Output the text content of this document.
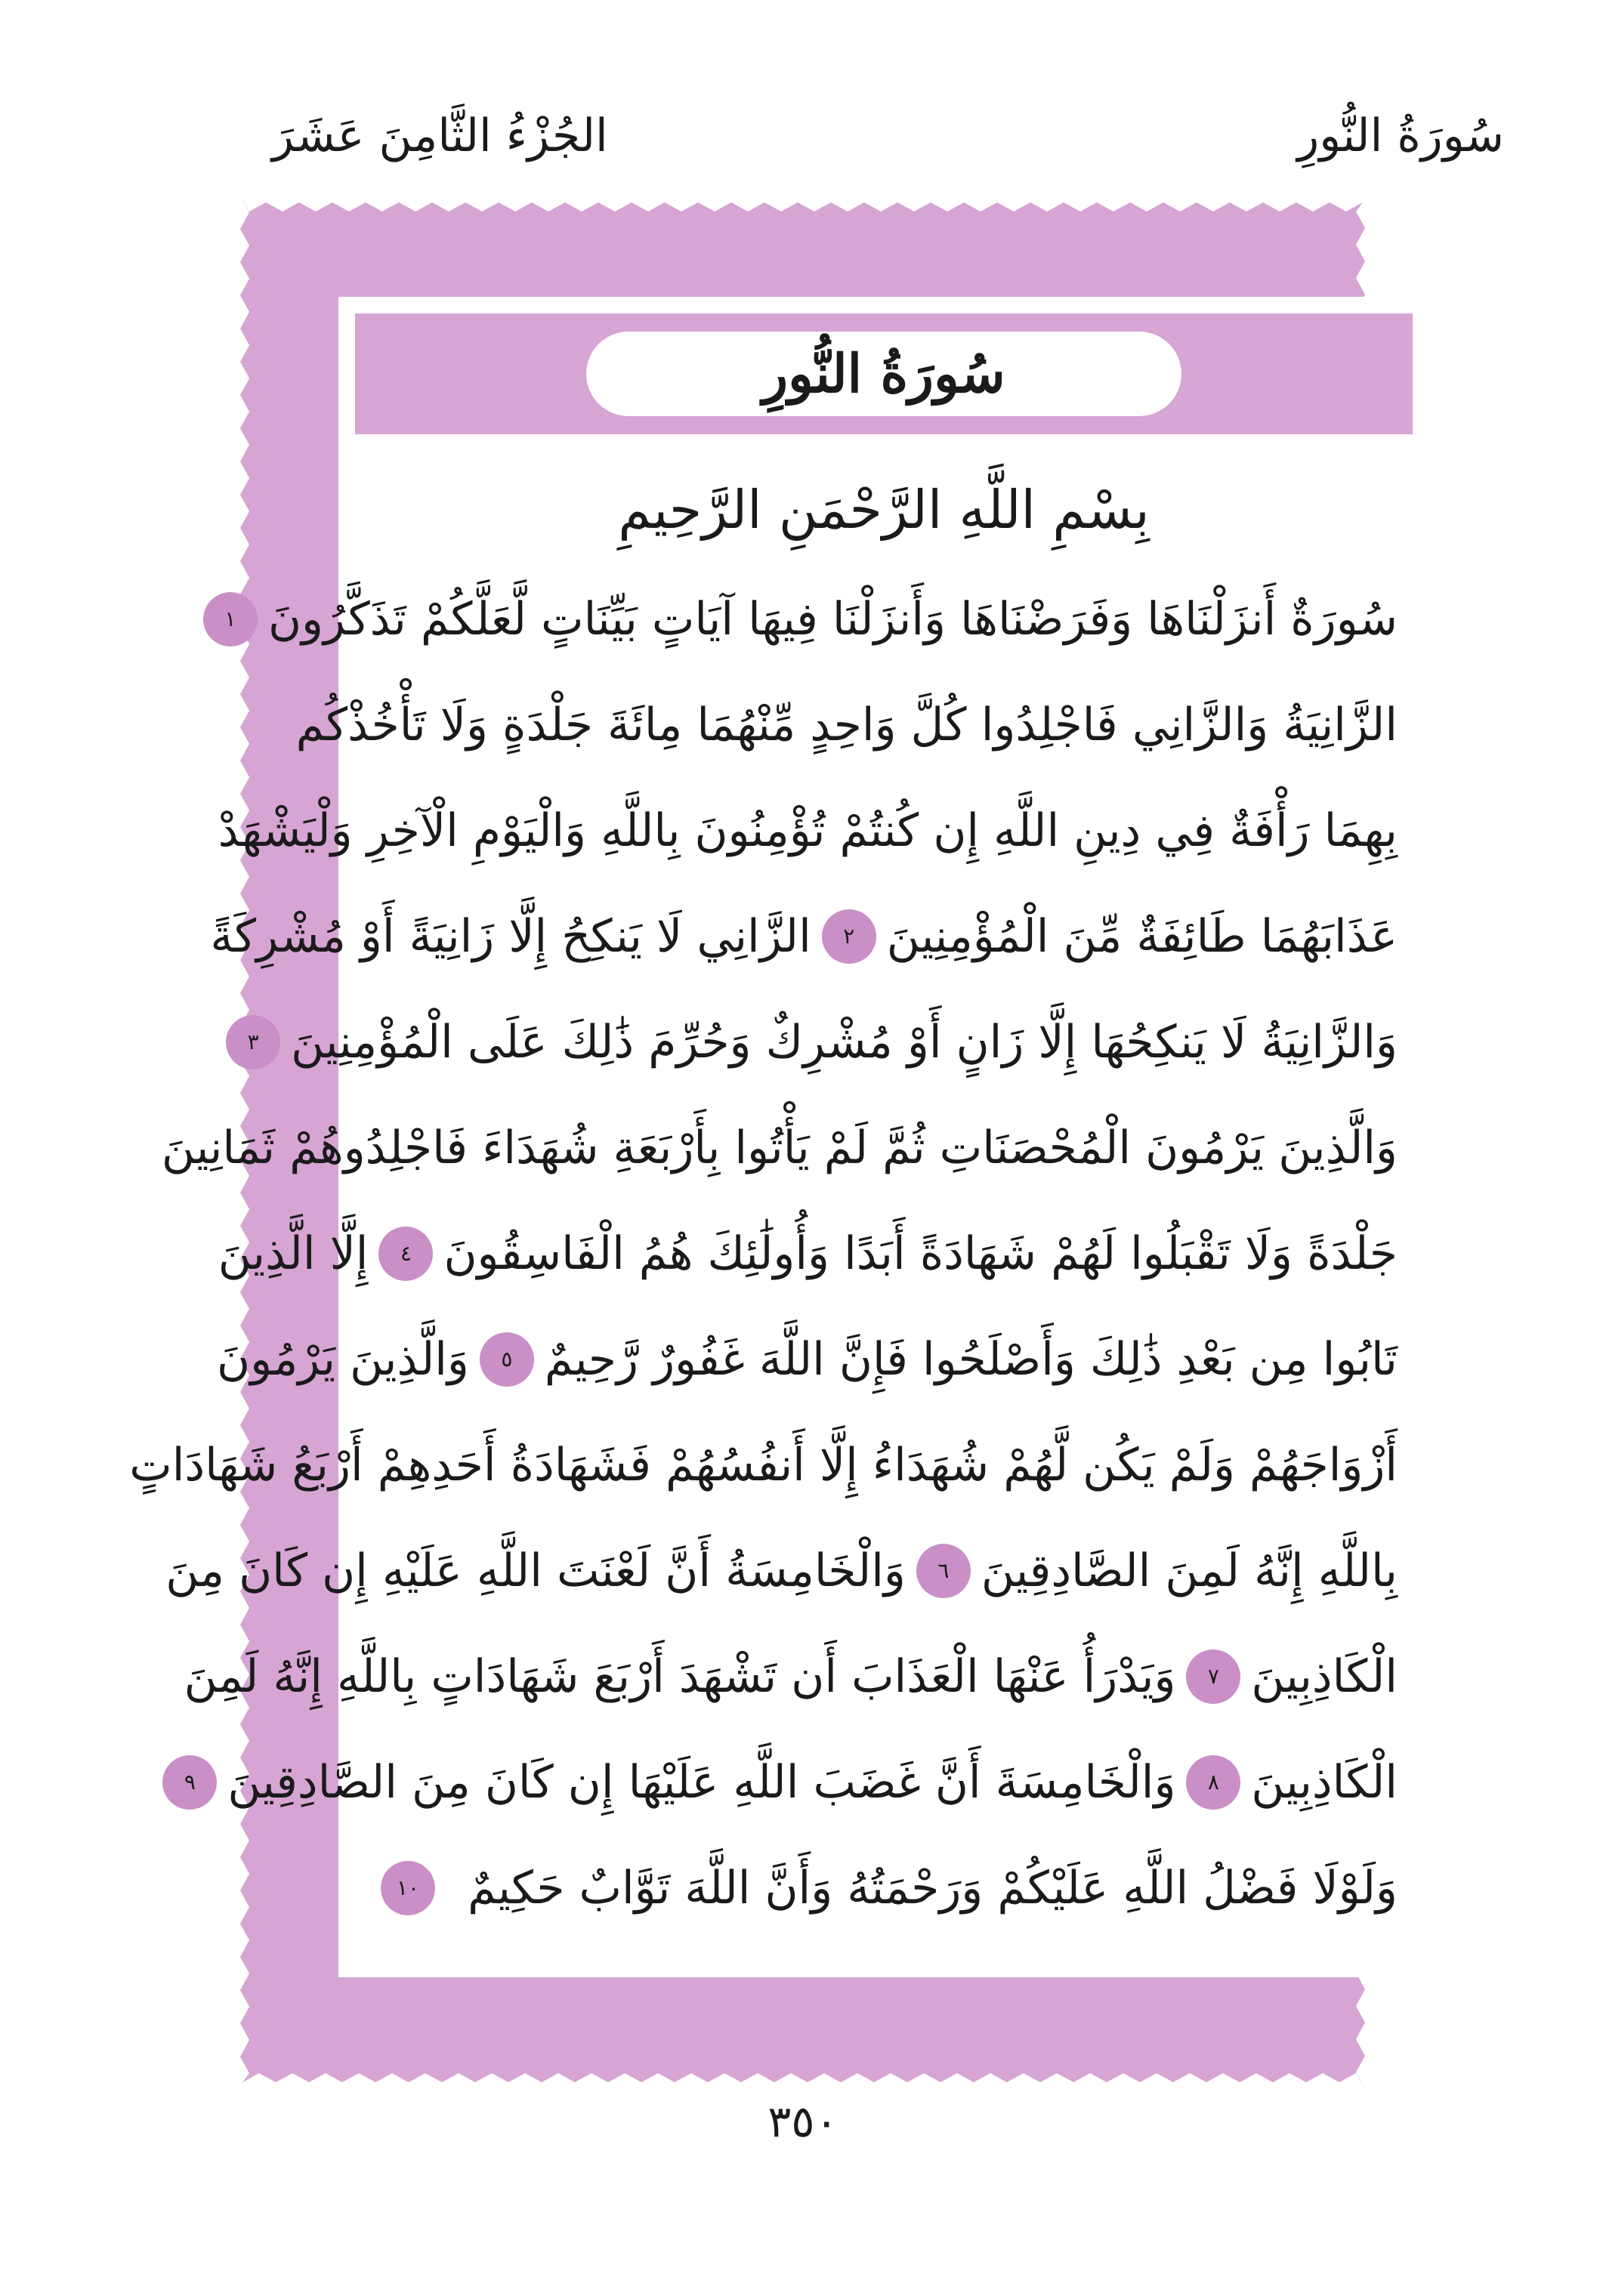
سُورَةُ النُّورِ
الجُزْءُ الثَّامِنَ عَشَرَ
سُورَةُ النُّورِ
بِسْمِ اللَّهِ الرَّحْمَنِ الرَّحِيمِ
سُورَةٌ أَنزَلْنَاهَا وَفَرَضْنَاهَا وَأَنزَلْنَا فِيهَا آيَاتٍ بَيِّنَاتٍ لَّعَلَّكُمْ تَذَكَّرُونَ
١
الزَّانِيَةُ وَالزَّانِي فَاجْلِدُوا كُلَّ وَاحِدٍ مِّنْهُمَا مِائَةَ جَلْدَةٍ وَلَا تَأْخُذْكُم
بِهِمَا رَأْفَةٌ فِي دِينِ اللَّهِ إِن كُنتُمْ تُؤْمِنُونَ بِاللَّهِ وَالْيَوْمِ الْآخِرِ وَلْيَشْهَدْ
عَذَابَهُمَا طَائِفَةٌ مِّنَ الْمُؤْمِنِينَ
٢
الزَّانِي لَا يَنكِحُ إِلَّا زَانِيَةً أَوْ مُشْرِكَةً
وَالزَّانِيَةُ لَا يَنكِحُهَا إِلَّا زَانٍ أَوْ مُشْرِكٌ وَحُرِّمَ ذَٰلِكَ عَلَى الْمُؤْمِنِينَ
٣
وَالَّذِينَ يَرْمُونَ الْمُحْصَنَاتِ ثُمَّ لَمْ يَأْتُوا بِأَرْبَعَةِ شُهَدَاءَ فَاجْلِدُوهُمْ ثَمَانِينَ
جَلْدَةً وَلَا تَقْبَلُوا لَهُمْ شَهَادَةً أَبَدًا وَأُولَٰئِكَ هُمُ الْفَاسِقُونَ
٤
إِلَّا الَّذِينَ
تَابُوا مِن بَعْدِ ذَٰلِكَ وَأَصْلَحُوا فَإِنَّ اللَّهَ غَفُورٌ رَّحِيمٌ
٥
وَالَّذِينَ يَرْمُونَ
أَزْوَاجَهُمْ وَلَمْ يَكُن لَّهُمْ شُهَدَاءُ إِلَّا أَنفُسُهُمْ فَشَهَادَةُ أَحَدِهِمْ أَرْبَعُ شَهَادَاتٍ
بِاللَّهِ إِنَّهُ لَمِنَ الصَّادِقِينَ
٦
وَالْخَامِسَةُ أَنَّ لَعْنَتَ اللَّهِ عَلَيْهِ إِن كَانَ مِنَ
الْكَاذِبِينَ
٧
وَيَدْرَأُ عَنْهَا الْعَذَابَ أَن تَشْهَدَ أَرْبَعَ شَهَادَاتٍ بِاللَّهِ إِنَّهُ لَمِنَ
الْكَاذِبِينَ
٨
وَالْخَامِسَةَ أَنَّ غَضَبَ اللَّهِ عَلَيْهَا إِن كَانَ مِنَ الصَّادِقِينَ
٩
وَلَوْلَا فَضْلُ اللَّهِ عَلَيْكُمْ وَرَحْمَتُهُ وَأَنَّ اللَّهَ تَوَّابٌ حَكِيمٌ
١٠
٣٥٠
